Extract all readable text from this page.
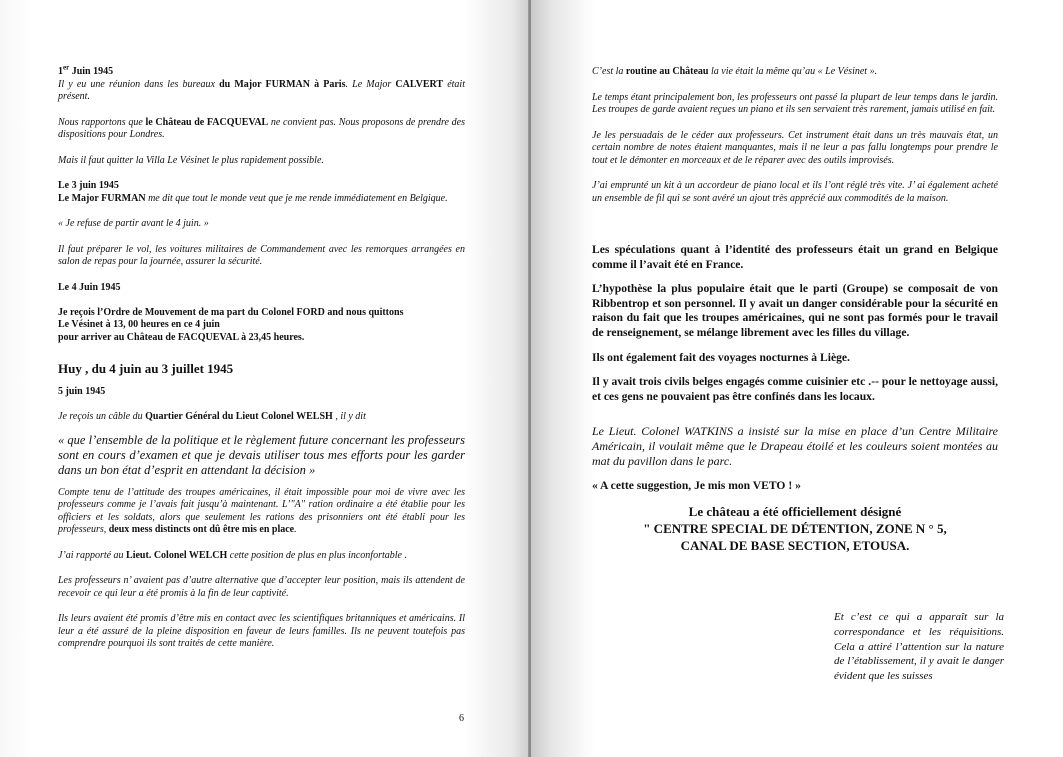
1er Juin 1945
Il y eu une réunion dans les bureaux du Major FURMAN à Paris. Le Major CALVERT était présent.

Nous rapportons que le Château de FACQUEVAL ne convient pas. Nous proposons de prendre des dispositions pour Londres.

Mais il faut quitter la Villa Le Vésinet le plus rapidement possible.

Le 3 juin 1945
Le Major FURMAN me dit que tout le monde veut que je me rende immédiatement en Belgique.

« Je refuse de partir avant le 4 juin. »

Il faut préparer le vol, les voitures militaires de Commandement avec les remorques arrangées en salon de repas pour la journée, assurer la sécurité.

Le 4 Juin 1945

Je reçois l’Ordre de Mouvement de ma part du Colonel FORD and nous quittons
Le Vésinet à 13, 00 heures en ce 4 juin
pour arriver au Château de FACQUEVAL à 23,45 heures.

Huy , du 4 juin au 3 juillet 1945

5 juin 1945

Je reçois un câble du Quartier Général du Lieut Colonel WELSH , il y dit

« que l’ensemble de la politique et le règlement future concernant les professeurs sont en cours d’examen et que je devais utiliser tous mes efforts pour les garder dans un bon état d’esprit en attendant la décision »

Compte tenu de l’attitude des troupes américaines, il était impossible pour moi de vivre avec les professeurs comme je l’avais fait jusqu’à maintenant. L’"A" ration ordinaire a été établie pour les officiers et les soldats, alors que seulement les rations des prisonniers ont été établi pour les professeurs, deux mess distincts ont dû être mis en place.

J’ai rapporté au Lieut. Colonel WELCH cette position de plus en plus inconfortable .

Les professeurs n’ avaient pas d’autre alternative que d’accepter leur position, mais ils attendent de recevoir ce qui leur a été promis à la fin de leur captivité.

Ils leurs avaient été promis d’être mis en contact avec les scientifiques britanniques et américains. Il leur a été assuré de la pleine disposition en faveur de leurs familles. Ils ne peuvent toutefois pas comprendre pourquoi ils sont traités de cette manière.

6

C’est la routine au Château la vie était la même qu’au « Le Vésinet ».

Le temps étant principalement bon, les professeurs ont passé la plupart de leur temps dans le jardin. Les troupes de garde avaient reçues un piano et ils sen servaient très rarement, jamais utilisé en fait.

Je les persuadais de le céder aux professeurs. Cet instrument était dans un très mauvais état, un certain nombre de notes étaient manquantes, mais il ne leur a pas fallu longtemps pour prendre le tout et le démonter en morceaux et de le réparer avec des outils improvisés.

J’ai emprunté un kit à un accordeur de piano local et ils l’ont réglé très vite. J’ ai également acheté un ensemble de fil qui se sont avéré un ajout très apprécié aux commodités de la maison.

Les spéculations quant à l’identité des professeurs était un grand en Belgique comme il l’avait été en France.

L’hypothèse la plus populaire était que le parti (Groupe) se composait de von Ribbentrop et son personnel. Il y avait un danger considérable pour la sécurité en raison du fait que les troupes américaines, qui ne sont pas formés pour le travail de renseignement, se mélange librement avec les filles du village.

Ils ont également fait des voyages nocturnes à Liège.

Il y avait trois civils belges engagés comme cuisinier etc .-- pour le nettoyage aussi, et ces gens ne pouvaient pas être confinés dans les locaux.

Le Lieut. Colonel WATKINS a insisté sur la mise en place d’un Centre Militaire Américain, il voulait même que le Drapeau étoilé et les couleurs soient montées au mat du pavillon dans le parc.

« A cette suggestion, Je mis mon VETO ! »

Le château a été officiellement désigné
" CENTRE SPECIAL DE DÉTENTION, ZONE N ° 5,
CANAL DE BASE SECTION, ETOUSA.
Et c’est ce qui a apparaît sur la correspondance et les réquisitions. Cela a attiré l’attention sur la nature de l’établissement, il y avait le danger évident que les suisses
